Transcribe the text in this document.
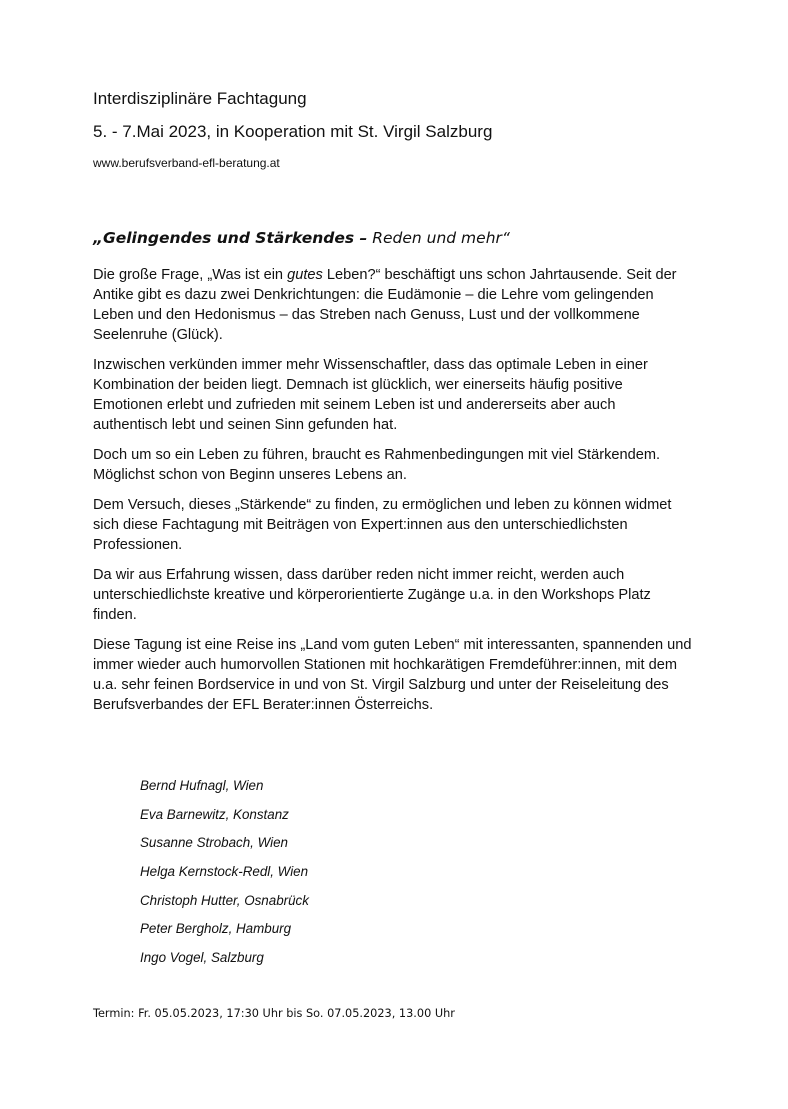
Interdisziplinäre Fachtagung
5. - 7.Mai 2023, in Kooperation mit St. Virgil Salzburg
www.berufsverband-efl-beratung.at
„Gelingendes und Stärkendes – Reden und mehr“

Die große Frage, „Was ist ein gutes Leben?“ beschäftigt uns schon Jahrtausende. Seit der Antike gibt es dazu zwei Denkrichtungen: die Eudämonie – die Lehre vom gelingenden Leben und den Hedonismus – das Streben nach Genuss, Lust und der vollkommene Seelenruhe (Glück).

Inzwischen verkünden immer mehr Wissenschaftler, dass das optimale Leben in einer Kombination der beiden liegt. Demnach ist glücklich, wer einerseits häufig positive Emotionen erlebt und zufrieden mit seinem Leben ist und andererseits aber auch authentisch lebt und seinen Sinn gefunden hat.

Doch um so ein Leben zu führen, braucht es Rahmenbedingungen mit viel Stärkendem. Möglichst schon von Beginn unseres Lebens an.

Dem Versuch, dieses „Stärkende“ zu finden, zu ermöglichen und leben zu können widmet sich diese Fachtagung mit Beiträgen von Expert:innen aus den unterschiedlichsten Professionen.

Da wir aus Erfahrung wissen, dass darüber reden nicht immer reicht, werden auch unterschiedlichste kreative und körperorientierte Zugänge u.a. in den Workshops Platz finden.

Diese Tagung ist eine Reise ins „Land vom guten Leben“ mit interessanten, spannenden und immer wieder auch humorvollen Stationen mit hochkarätigen Fremdeführer:innen, mit dem u.a. sehr feinen Bordservice in und von St. Virgil Salzburg und unter der Reiseleitung des Berufsverbandes der EFL Berater:innen Österreichs.

Bernd Hufnagl, Wien
Eva Barnewitz, Konstanz
Susanne Strobach, Wien
Helga Kernstock-Redl, Wien
Christoph Hutter, Osnabrück
Peter Bergholz, Hamburg
Ingo Vogel, Salzburg
Termin: Fr. 05.05.2023, 17:30 Uhr bis So. 07.05.2023, 13.00 Uhr
